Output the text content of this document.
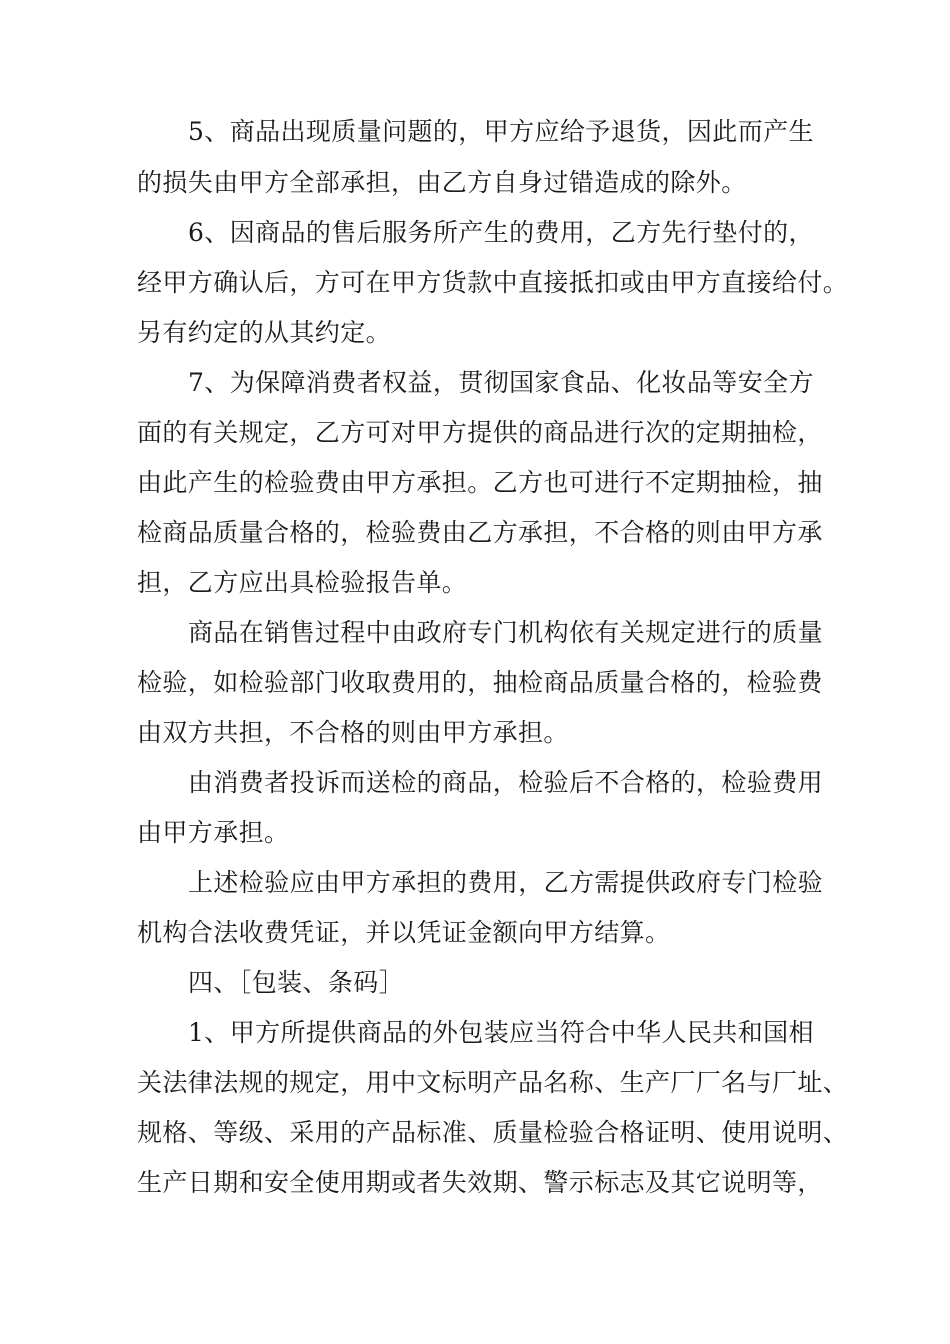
5、商品出现质量问题的，甲方应给予退货，因此而产生
的损失由甲方全部承担，由乙方自身过错造成的除外。
6、因商品的售后服务所产生的费用，乙方先行垫付的，
经甲方确认后，方可在甲方货款中直接抵扣或由甲方直接给付。
另有约定的从其约定。
7、为保障消费者权益，贯彻国家食品、化妆品等安全方
面的有关规定，乙方可对甲方提供的商品进行次的定期抽检，
由此产生的检验费由甲方承担。乙方也可进行不定期抽检，抽
检商品质量合格的，检验费由乙方承担，不合格的则由甲方承
担，乙方应出具检验报告单。
商品在销售过程中由政府专门机构依有关规定进行的质量
检验，如检验部门收取费用的，抽检商品质量合格的，检验费
由双方共担，不合格的则由甲方承担。
由消费者投诉而送检的商品，检验后不合格的，检验费用
由甲方承担。
上述检验应由甲方承担的费用，乙方需提供政府专门检验
机构合法收费凭证，并以凭证金额向甲方结算。
四、［包装、条码］
1、甲方所提供商品的外包装应当符合中华人民共和国相
关法律法规的规定，用中文标明产品名称、生产厂厂名与厂址、
规格、等级、采用的产品标准、质量检验合格证明、使用说明、
生产日期和安全使用期或者失效期、警示标志及其它说明等，
